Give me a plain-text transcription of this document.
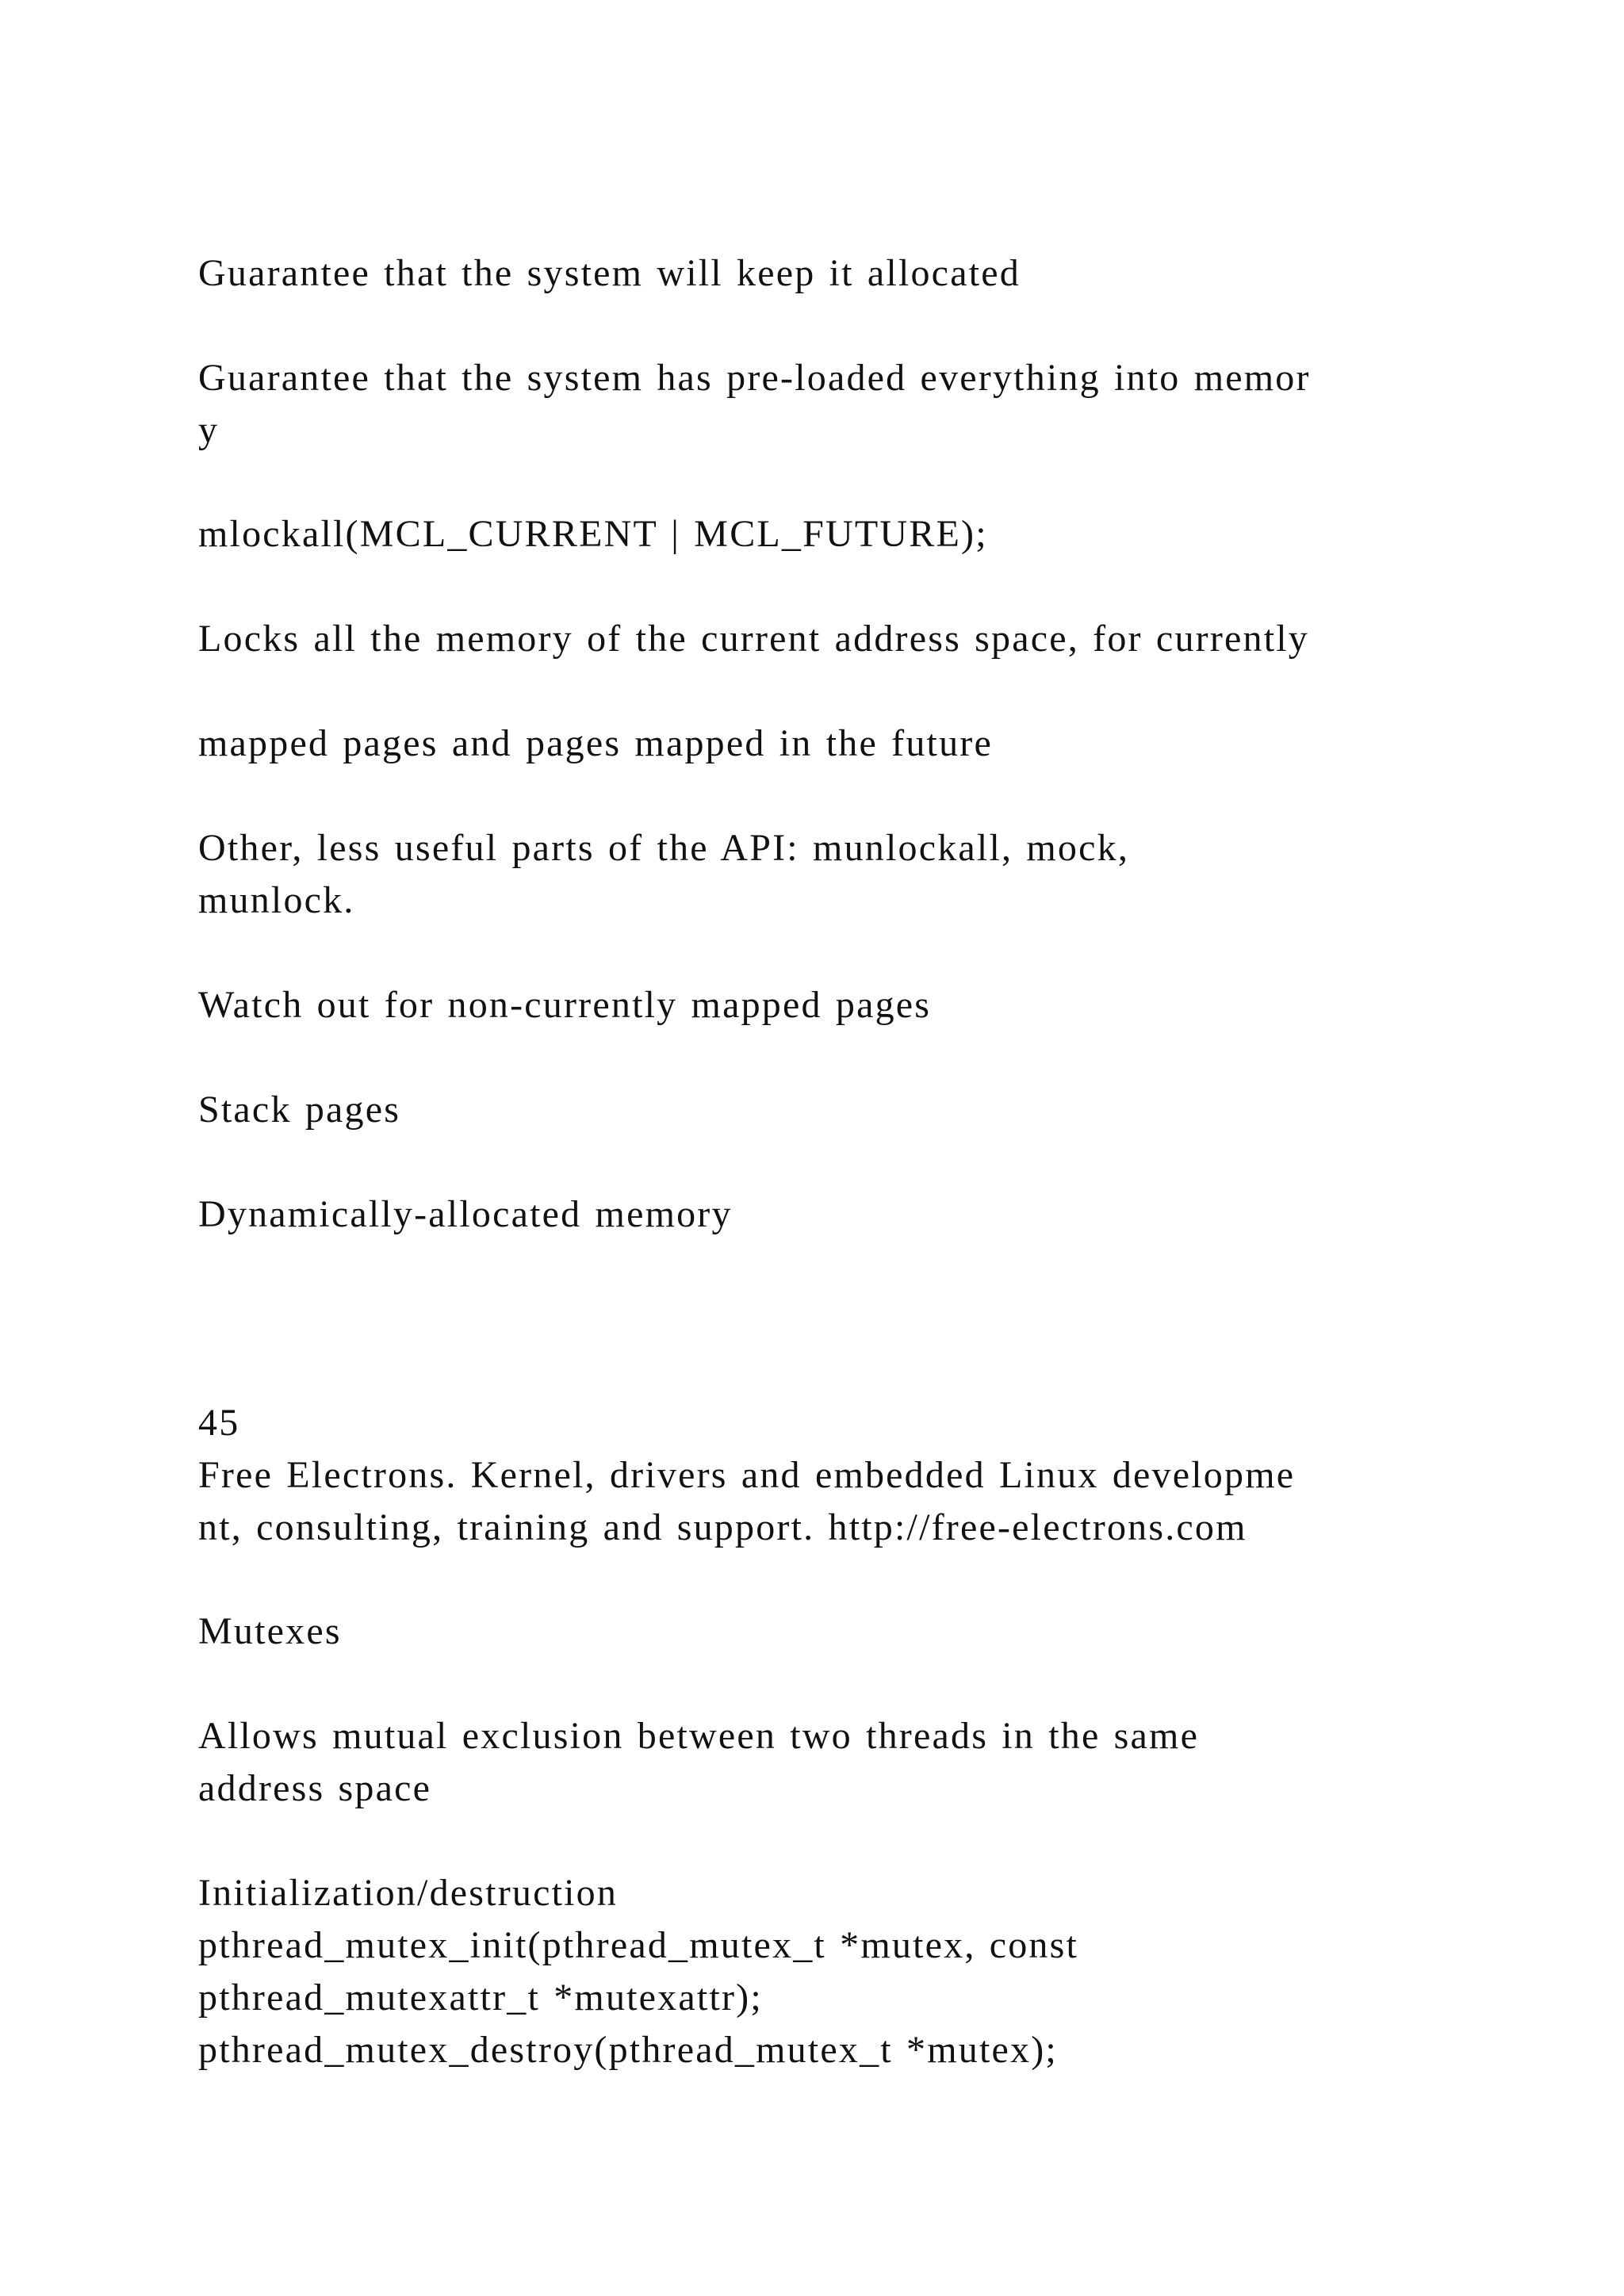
Guarantee that the system will keep it allocated

Guarantee that the system has pre-loaded everything into memor

y

mlockall(MCL_CURRENT | MCL_FUTURE);

Locks all the memory of the current address space, for currently

mapped pages and pages mapped in the future

Other, less useful parts of the API: munlockall, mock,

munlock.

Watch out for non-currently mapped pages

Stack pages

Dynamically-allocated memory

45

Free Electrons. Kernel, drivers and embedded Linux developme

nt, consulting, training and support. http://free-electrons.com

Mutexes

Allows mutual exclusion between two threads in the same

address space

Initialization/destruction

pthread_mutex_init(pthread_mutex_t *mutex, const

pthread_mutexattr_t *mutexattr);

pthread_mutex_destroy(pthread_mutex_t *mutex);
